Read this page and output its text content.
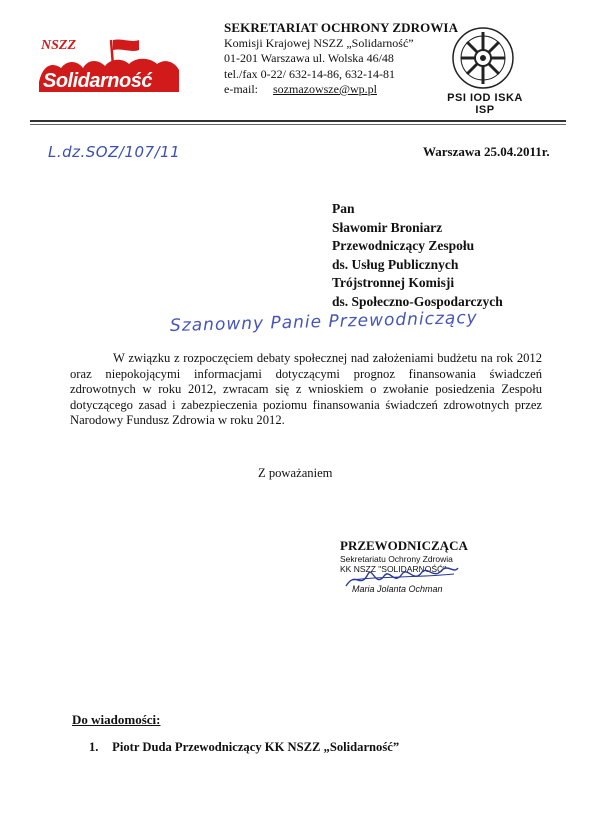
NSZZ
Solidarność
SEKRETARIAT OCHRONY ZDROWIA
Komisji Krajowej NSZZ „Solidarność”
01-201 Warszawa ul. Wolska 46/48
tel./fax 0-22/ 632-14-86, 632-14-81
e-mail: sozmazowsze@wp.pl
PSI IOD ISKA ISP
L.dz.SOZ/107/11	Warszawa 25.04.2011r.
Pan
Sławomir Broniarz
Przewodniczący Zespołu
ds. Usług Publicznych
Trójstronnej Komisji
ds. Społeczno-Gospodarczych
Szanowny Panie Przewodniczący
W związku z rozpoczęciem debaty społecznej nad założeniami budżetu na rok 2012 oraz niepokojącymi informacjami dotyczącymi prognoz finansowania świadczeń zdrowotnych w roku 2012, zwracam się z wnioskiem o zwołanie posiedzenia Zespołu dotyczącego zasad i zabezpieczenia poziomu finansowania świadczeń zdrowotnych przez Narodowy Fundusz Zdrowia w roku 2012.
Z poważaniem
PRZEWODNICZĄCA
Sekretariatu Ochrony Zdrowia
KK NSZZ "SOLIDARNOŚĆ"
Maria Jolanta Ochman
Do wiadomości:
1. Piotr Duda Przewodniczący KK NSZZ „Solidarność”
